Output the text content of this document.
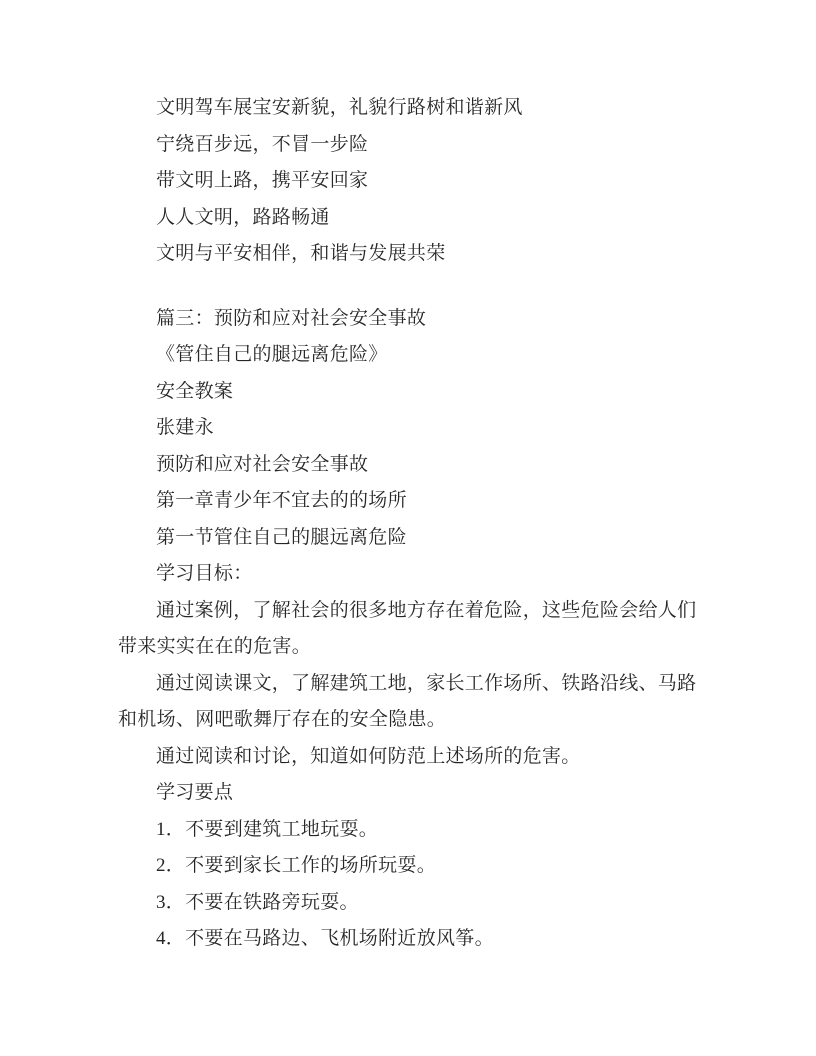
文明驾车展宝安新貌，礼貌行路树和谐新风

宁绕百步远，不冒一步险

带文明上路，携平安回家

人人文明，路路畅通

文明与平安相伴，和谐与发展共荣

篇三：预防和应对社会安全事故

《管住自己的腿远离危险》

安全教案

张建永

预防和应对社会安全事故

第一章青少年不宜去的的场所

第一节管住自己的腿远离危险

学习目标：

通过案例，了解社会的很多地方存在着危险，这些危险会给人们带来实实在在的危害。

通过阅读课文，了解建筑工地，家长工作场所、铁路沿线、马路和机场、网吧歌舞厅存在的安全隐患。

通过阅读和讨论，知道如何防范上述场所的危害。

学习要点

1．不要到建筑工地玩耍。

2．不要到家长工作的场所玩耍。

3．不要在铁路旁玩耍。

4．不要在马路边、飞机场附近放风筝。
